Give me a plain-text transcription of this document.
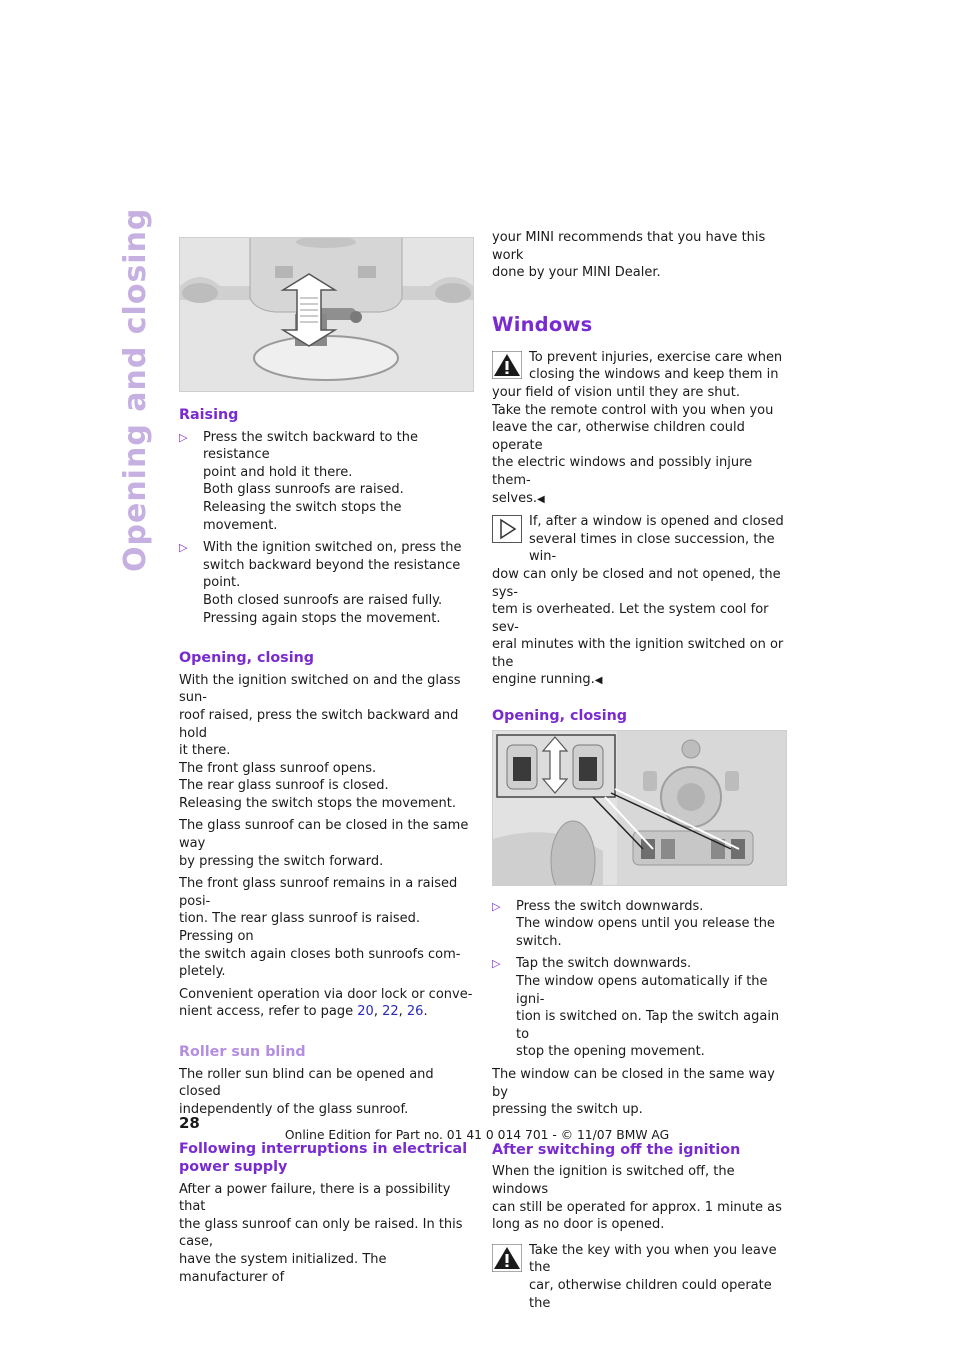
Opening and closing Raising
▷ Press the switch backward to the resistance
point and hold it there.
Both glass sunroofs are raised.
Releasing the switch stops the movement.
▷ With the ignition switched on, press the
switch backward beyond the resistance
point.
Both closed sunroofs are raised fully.
Pressing again stops the movement.
Opening, closing

With the ignition switched on and the glass sun-
roof raised, press the switch backward and hold
it there.
The front glass sunroof opens.
The rear glass sunroof is closed.
Releasing the switch stops the movement.

The glass sunroof can be closed in the same way
by pressing the switch forward.

The front glass sunroof remains in a raised posi-
tion. The rear glass sunroof is raised. Pressing on
the switch again closes both sunroofs com-
pletely.

Convenient operation via door lock or conve-
nient access, refer to page 20, 22, 26.

Roller sun blind

The roller sun blind can be opened and closed
independently of the glass sunroof.

Following interruptions in electrical
power supply

After a power failure, there is a possibility that
the glass sunroof can only be raised. In this case,
have the system initialized. The manufacturer of

your MINI recommends that you have this work
done by your MINI Dealer.

Windows
To prevent injuries, exercise care when
closing the windows and keep them in
your field of vision until they are shut.
Take the remote control with you when you
leave the car, otherwise children could operate
the electric windows and possibly injure them-
selves.◀
If, after a window is opened and closed
several times in close succession, the win-
dow can only be closed and not opened, the sys-
tem is overheated. Let the system cool for sev-
eral minutes with the ignition switched on or the
engine running.◀
Opening, closing
▷ Press the switch downwards.
The window opens until you release the
switch.
▷ Tap the switch downwards.
The window opens automatically if the igni-
tion is switched on. Tap the switch again to
stop the opening movement.

The window can be closed in the same way by
pressing the switch up.

After switching off the ignition

When the ignition is switched off, the windows
can still be operated for approx. 1 minute as
long as no door is opened.

Take the key with you when you leave the
car, otherwise children could operate the
28
Online Edition for Part no. 01 41 0 014 701 - © 11/07 BMW AG
